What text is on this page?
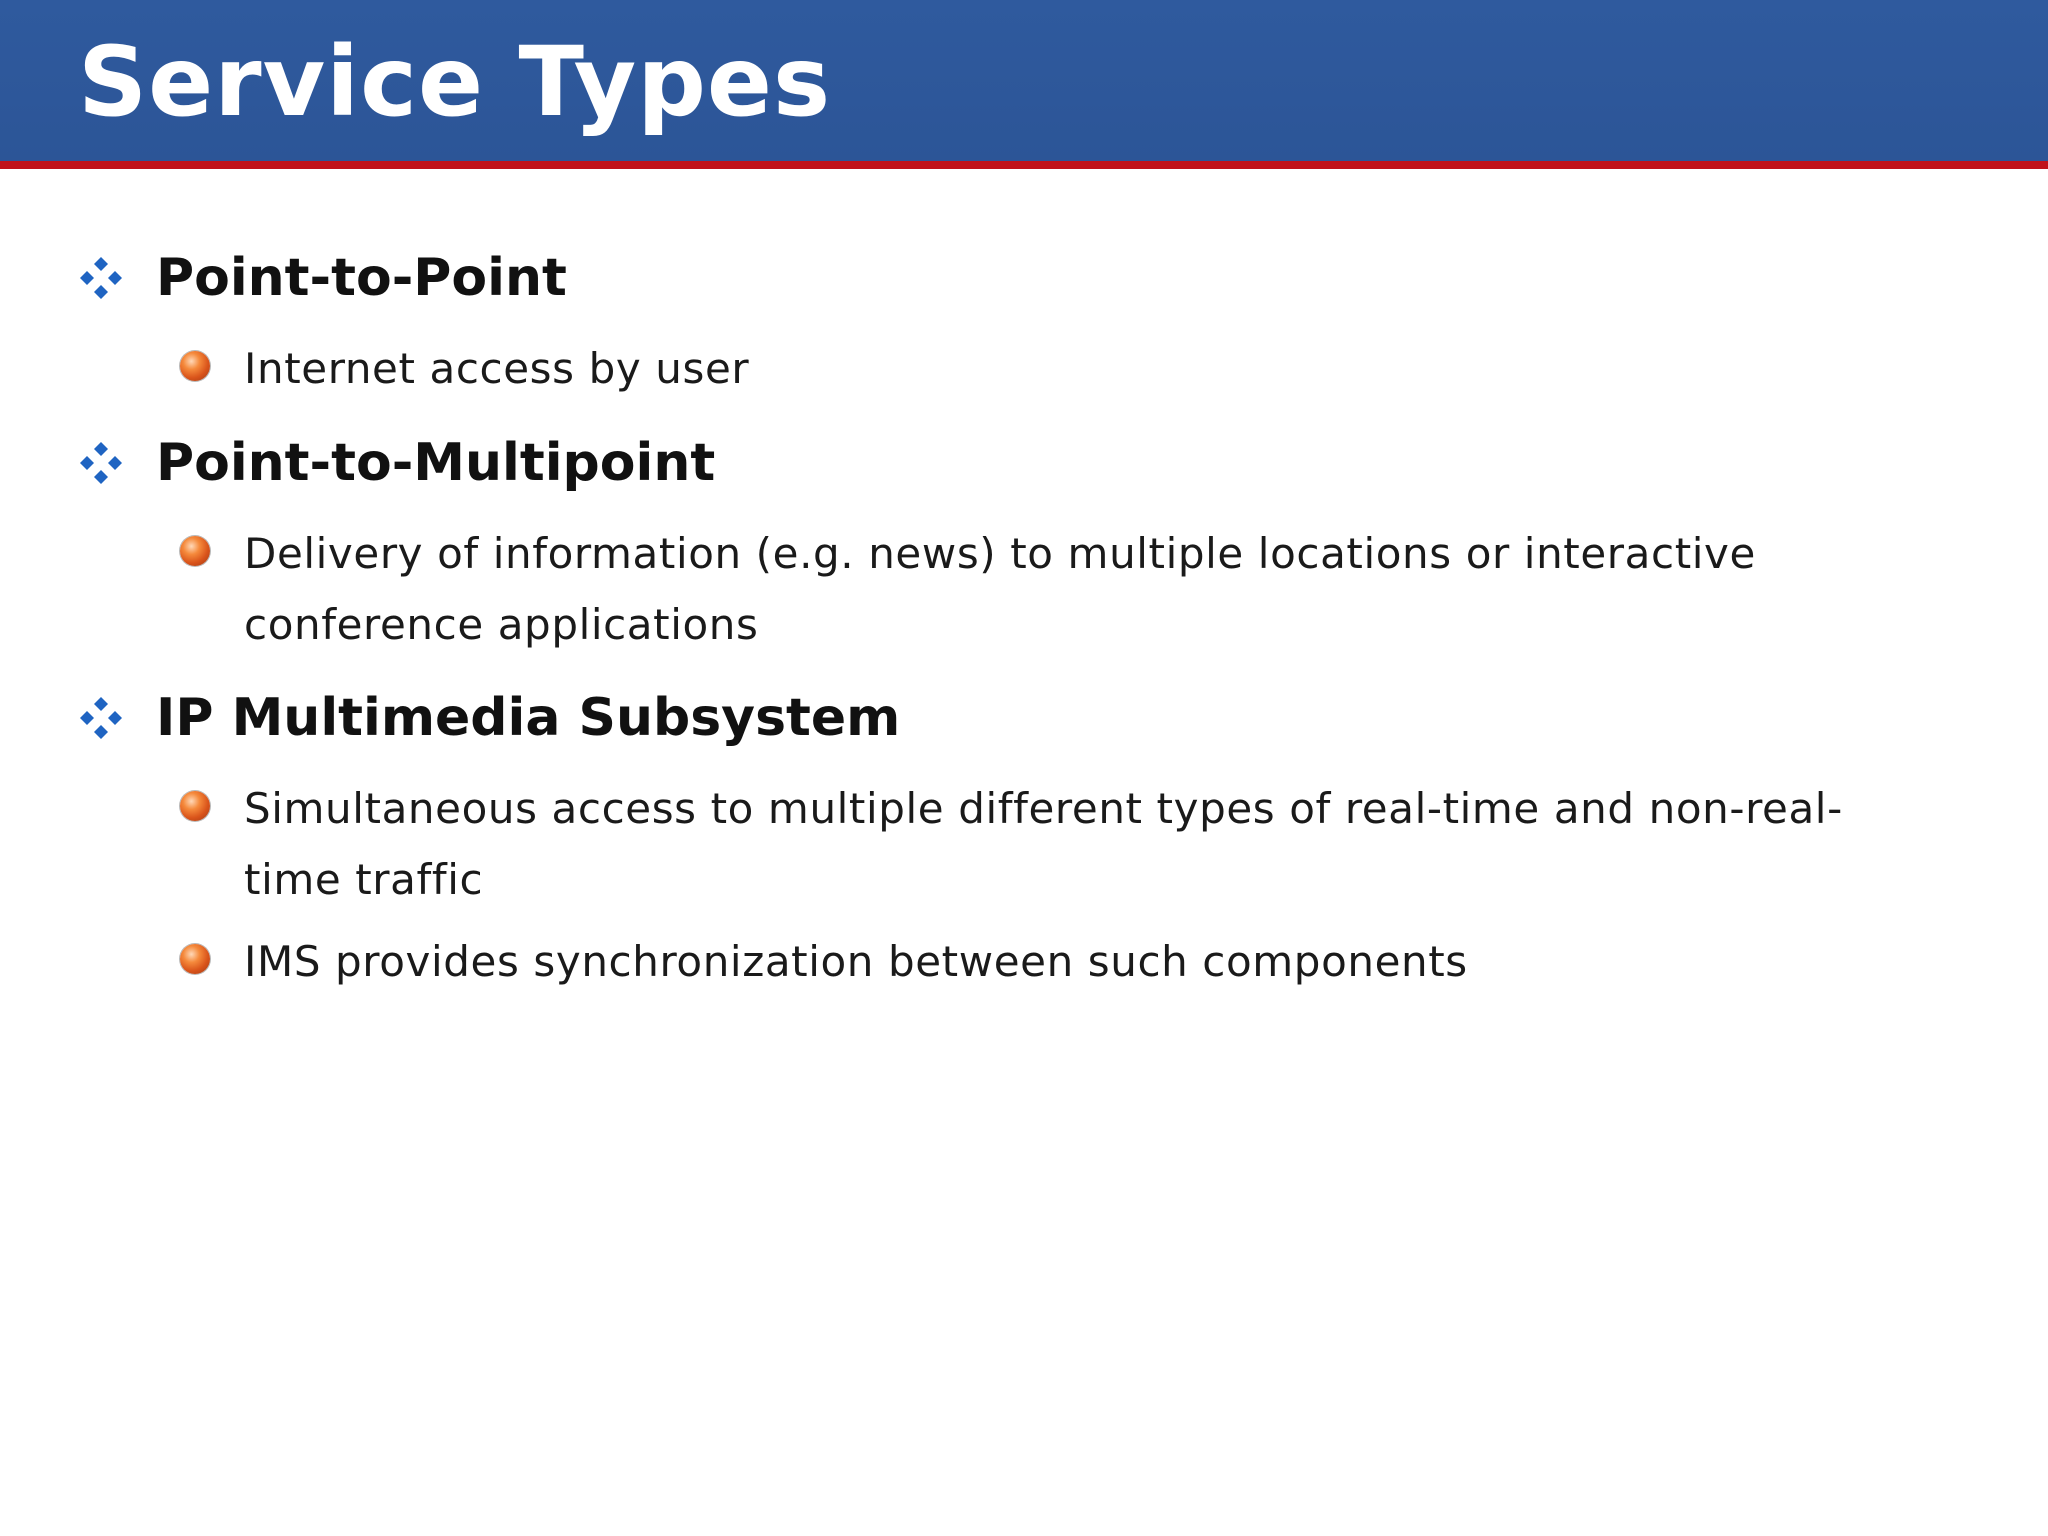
Service Types
Point-to-Point
Internet access by user
Point-to-Multipoint
Delivery of information (e.g. news) to multiple locations or interactive conference applications
IP Multimedia Subsystem
Simultaneous access to multiple different types of real-time and non-real-time traffic
IMS provides synchronization between such components
